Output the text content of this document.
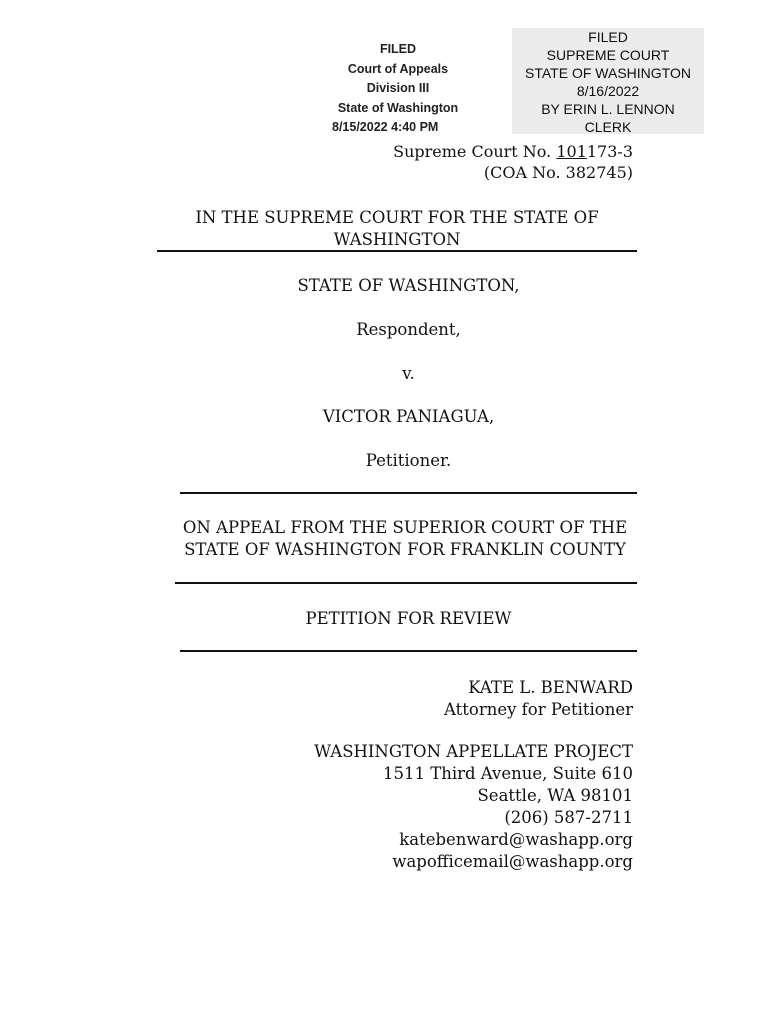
FILED
Court of Appeals
Division III
State of Washington
8/15/2022 4:40 PM
FILED
SUPREME COURT
STATE OF WASHINGTON
8/16/2022
BY ERIN L. LENNON
CLERK
Supreme Court No. 101173-3
(COA No. 382745)
IN THE SUPREME COURT FOR THE STATE OF
WASHINGTON
STATE OF WASHINGTON,
Respondent,
v.
VICTOR PANIAGUA,
Petitioner.
ON APPEAL FROM THE SUPERIOR COURT OF THE
STATE OF WASHINGTON FOR FRANKLIN COUNTY
PETITION FOR REVIEW
KATE L. BENWARD
Attorney for Petitioner
WASHINGTON APPELLATE PROJECT
1511 Third Avenue, Suite 610
Seattle, WA 98101
(206) 587-2711
katebenward@washapp.org
wapofficemail@washapp.org
